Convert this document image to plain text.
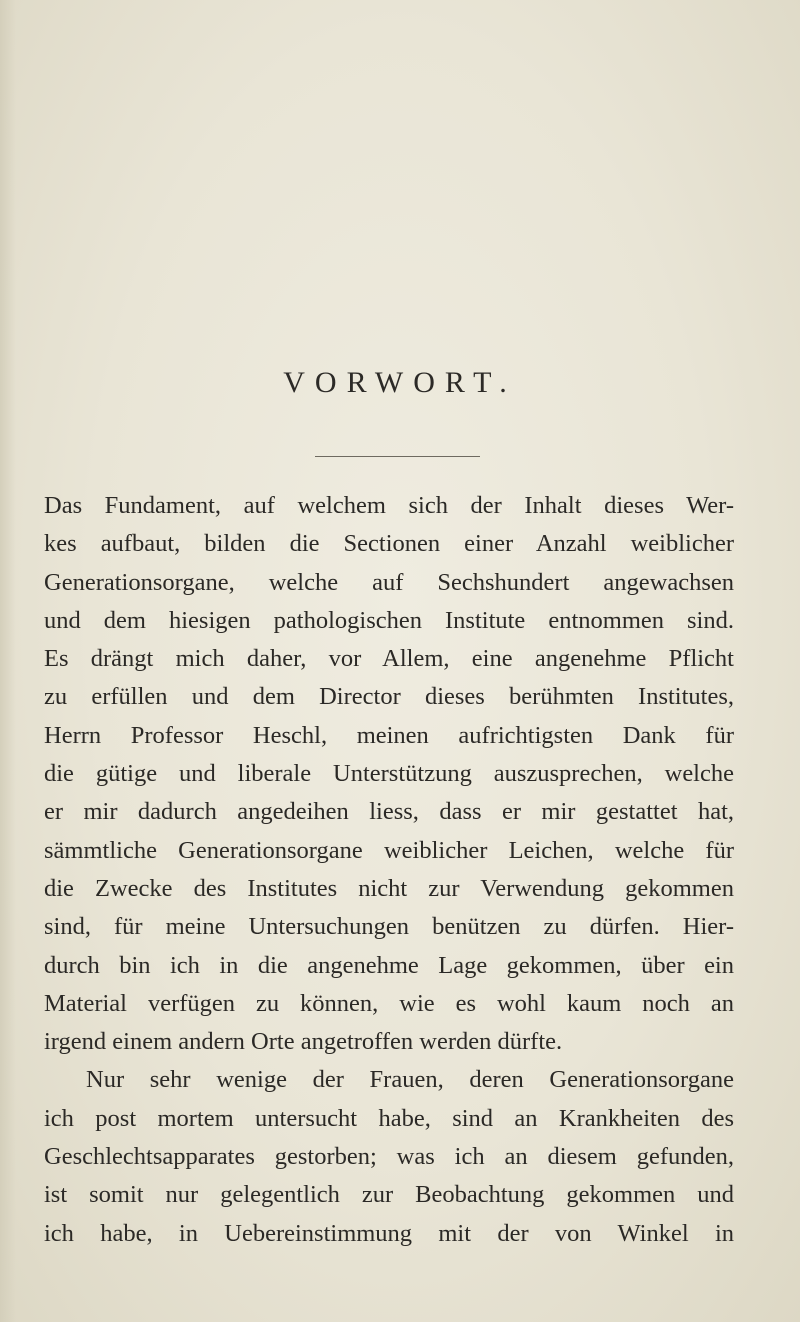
VORWORT.
Das Fundament, auf welchem sich der Inhalt dieses Wer-
kes aufbaut, bilden die Sectionen einer Anzahl weiblicher
Generationsorgane, welche auf Sechshundert angewachsen
und dem hiesigen pathologischen Institute entnommen sind.
Es drängt mich daher, vor Allem, eine angenehme Pflicht
zu erfüllen und dem Director dieses berühmten Institutes,
Herrn Professor Heschl, meinen aufrichtigsten Dank für
die gütige und liberale Unterstützung auszusprechen, welche
er mir dadurch angedeihen liess, dass er mir gestattet hat,
sämmtliche Generationsorgane weiblicher Leichen, welche für
die Zwecke des Institutes nicht zur Verwendung gekommen
sind, für meine Untersuchungen benützen zu dürfen. Hier-
durch bin ich in die angenehme Lage gekommen, über ein
Material verfügen zu können, wie es wohl kaum noch an
irgend einem andern Orte angetroffen werden dürfte.
Nur sehr wenige der Frauen, deren Generationsorgane
ich post mortem untersucht habe, sind an Krankheiten des
Geschlechtsapparates gestorben; was ich an diesem gefunden,
ist somit nur gelegentlich zur Beobachtung gekommen und
ich habe, in Uebereinstimmung mit der von Winkel in
